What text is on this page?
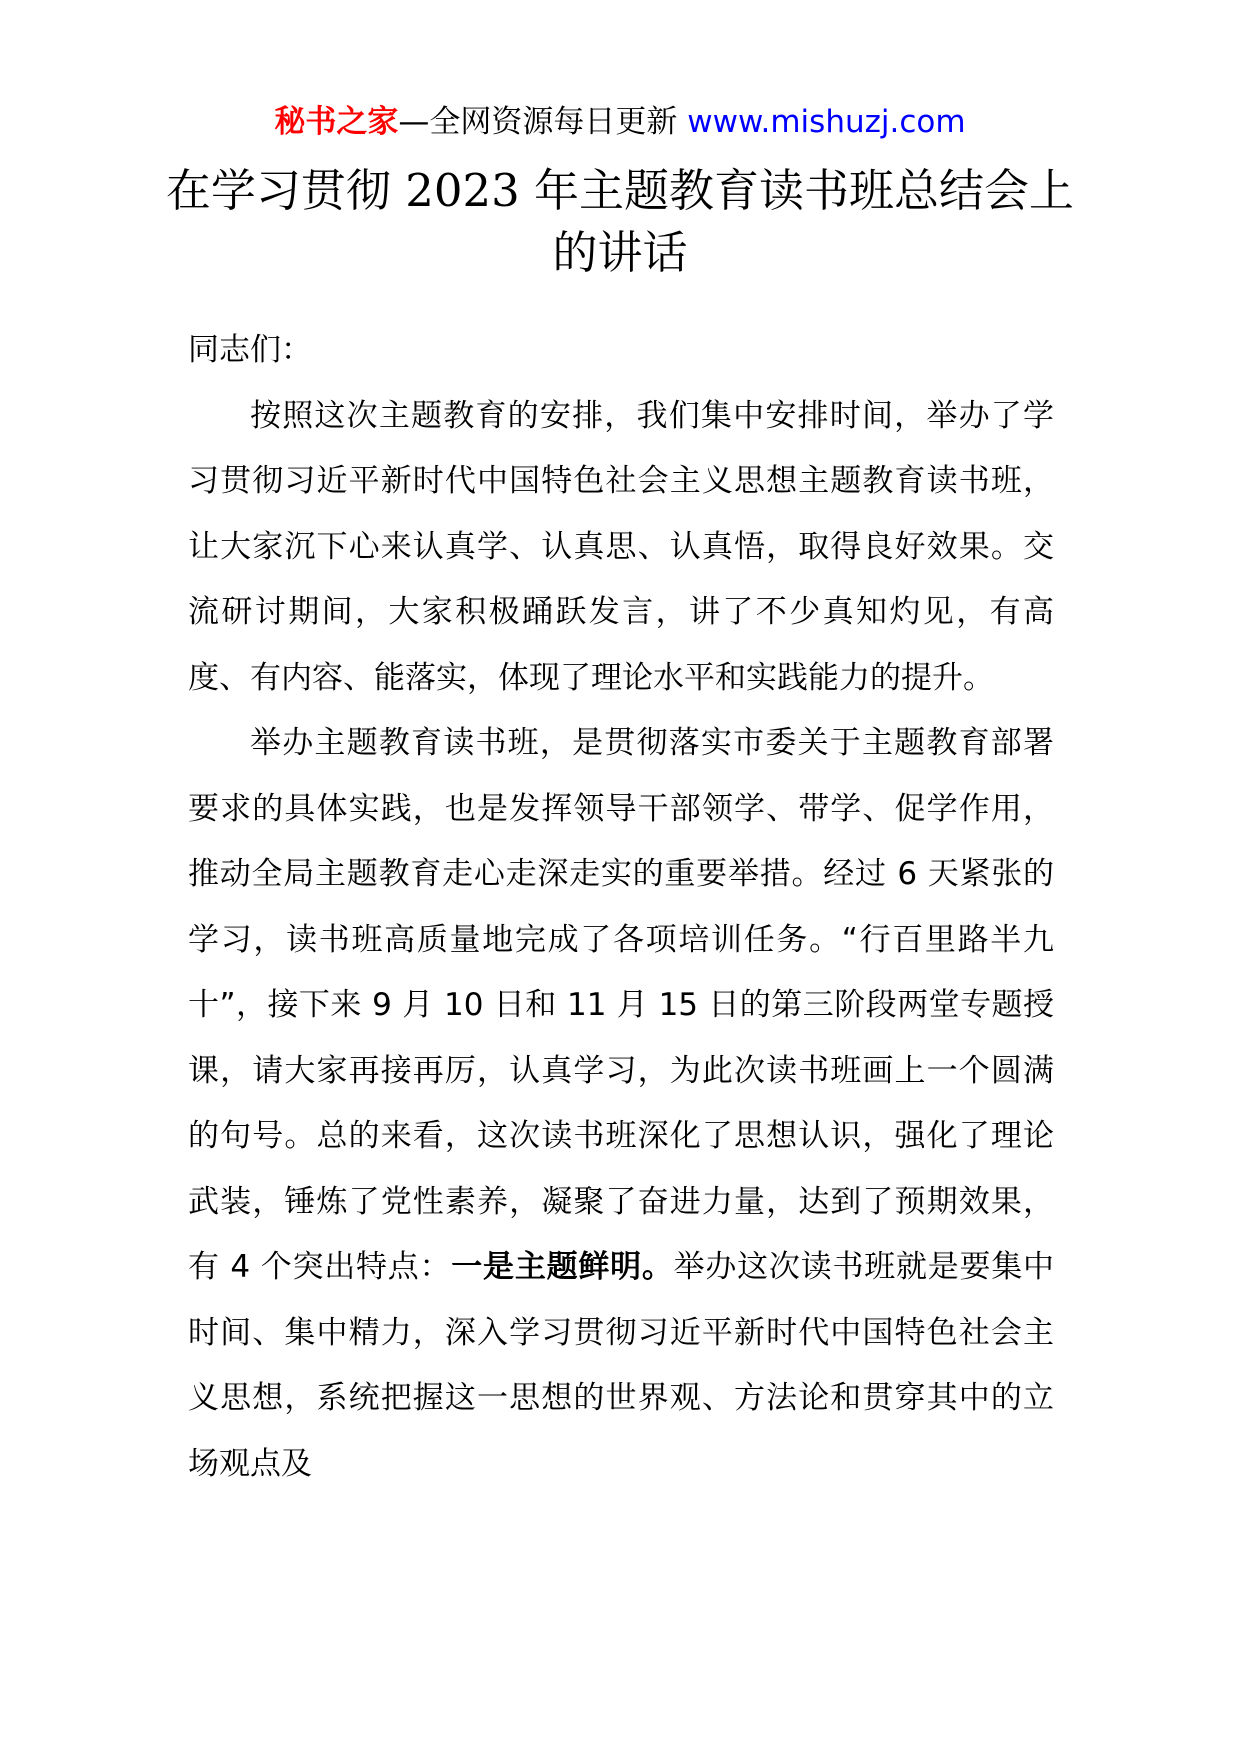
秘书之家—全网资源每日更新 www.mishuzj.com
在学习贯彻 2023 年主题教育读书班总结会上的讲话

同志们：

按照这次主题教育的安排，我们集中安排时间，举办了学习贯彻习近平新时代中国特色社会主义思想主题教育读书班，让大家沉下心来认真学、认真思、认真悟，取得良好效果。交流研讨期间，大家积极踊跃发言，讲了不少真知灼见，有高度、有内容、能落实，体现了理论水平和实践能力的提升。

举办主题教育读书班，是贯彻落实市委关于主题教育部署要求的具体实践，也是发挥领导干部领学、带学、促学作用，推动全局主题教育走心走深走实的重要举措。经过 6 天紧张的学习，读书班高质量地完成了各项培训任务。“行百里路半九十”，接下来 9 月 10 日和 11 月 15 日的第三阶段两堂专题授课，请大家再接再厉，认真学习，为此次读书班画上一个圆满的句号。总的来看，这次读书班深化了思想认识，强化了理论武装，锤炼了党性素养，凝聚了奋进力量，达到了预期效果，有 4 个突出特点：一是主题鲜明。举办这次读书班就是要集中时间、集中精力，深入学习贯彻习近平新时代中国特色社会主义思想，系统把握这一思想的世界观、方法论和贯穿其中的立场观点及
